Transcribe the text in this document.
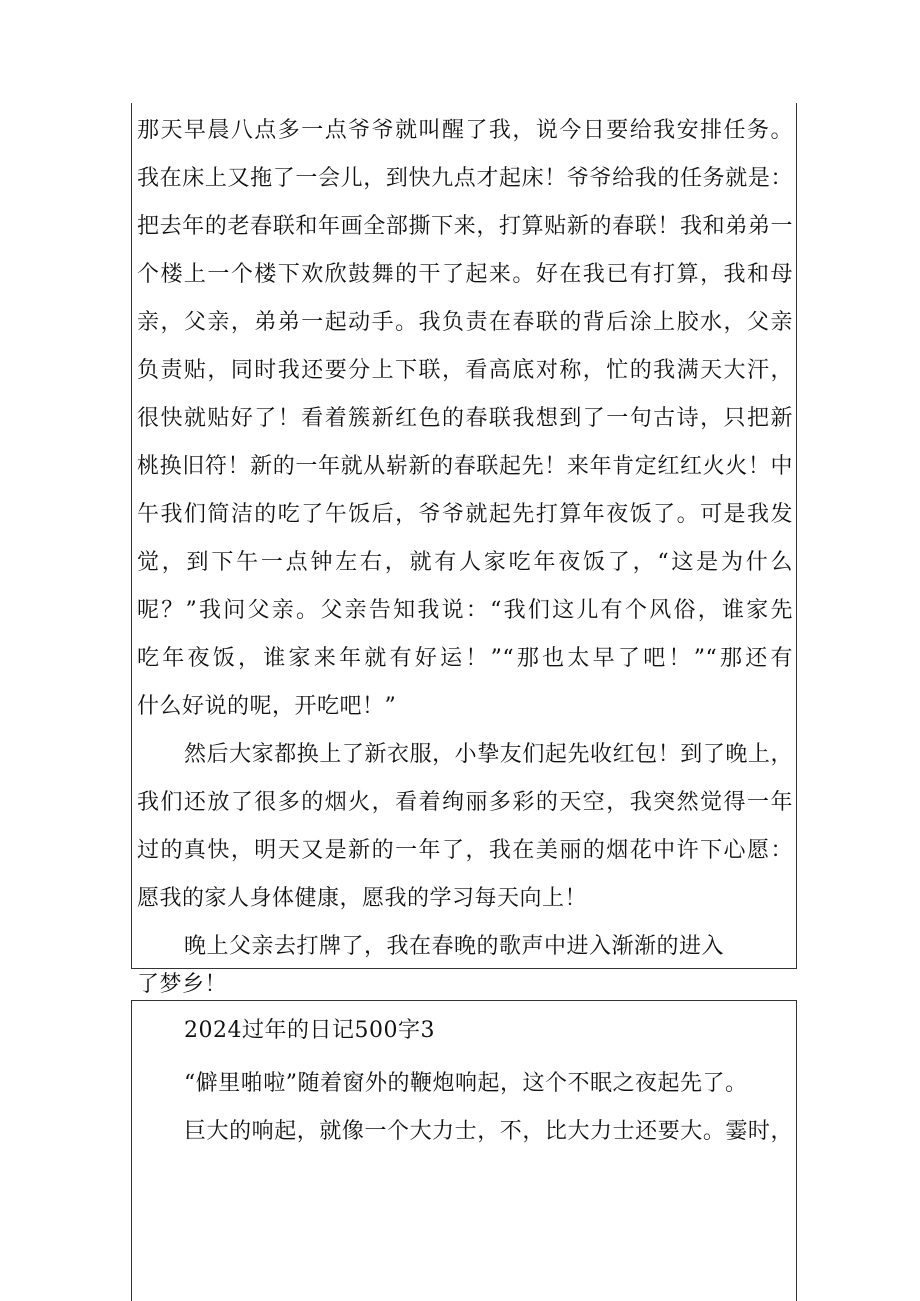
那天早晨八点多一点爷爷就叫醒了我，说今日要给我安排任务。
我在床上又拖了一会儿，到快九点才起床！爷爷给我的任务就是：
把去年的老春联和年画全部撕下来，打算贴新的春联！我和弟弟一
个楼上一个楼下欢欣鼓舞的干了起来。好在我已有打算，我和母
亲，父亲，弟弟一起动手。我负责在春联的背后涂上胶水，父亲
负责贴，同时我还要分上下联，看高底对称，忙的我满天大汗，
很快就贴好了！看着簇新红色的春联我想到了一句古诗，只把新
桃换旧符！新的一年就从崭新的春联起先！来年肯定红红火火！中
午我们简洁的吃了午饭后，爷爷就起先打算年夜饭了。可是我发
觉，到下午一点钟左右，就有人家吃年夜饭了，“这是为什么
呢？”我问父亲。父亲告知我说：“我们这儿有个风俗，谁家先
吃年夜饭，谁家来年就有好运！”“那也太早了吧！”“那还有
什么好说的呢，开吃吧！”
然后大家都换上了新衣服，小挚友们起先收红包！到了晚上，
我们还放了很多的烟火，看着绚丽多彩的天空，我突然觉得一年
过的真快，明天又是新的一年了，我在美丽的烟花中许下心愿：
愿我的家人身体健康，愿我的学习每天向上！
晚上父亲去打牌了，我在春晚的歌声中进入渐渐的进入
了梦乡！
2024过年的日记500字3
“僻里啪啦”随着窗外的鞭炮响起，这个不眠之夜起先了。
巨大的响起，就像一个大力士，不，比大力士还要大。霎时，
